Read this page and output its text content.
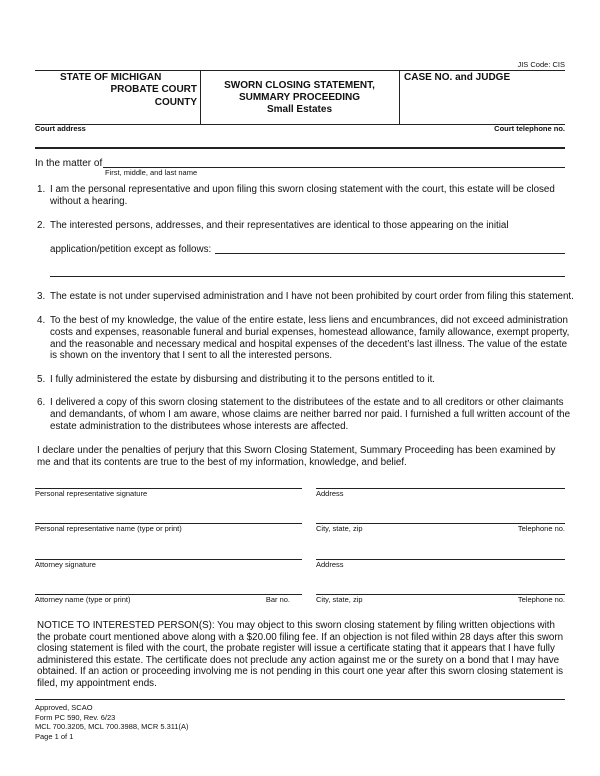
JIS Code: CIS
STATE OF MICHIGAN
PROBATE COURT
COUNTY
SWORN CLOSING STATEMENT,
SUMMARY PROCEEDING
Small Estates
CASE NO. and JUDGE
Court address	Court telephone no.
In the matter of
First, middle, and last name
1. I am the personal representative and upon filing this sworn closing statement with the court, this estate will be closed
without a hearing.
2. The interested persons, addresses, and their representatives are identical to those appearing on the initial
application/petition except as follows:
3. The estate is not under supervised administration and I have not been prohibited by court order from filing this statement.
4. To the best of my knowledge, the value of the entire estate, less liens and encumbrances, did not exceed administration
costs and expenses, reasonable funeral and burial expenses, homestead allowance, family allowance, exempt property,
and the reasonable and necessary medical and hospital expenses of the decedent’s last illness. The value of the estate
is shown on the inventory that I sent to all the interested persons.
5. I fully administered the estate by disbursing and distributing it to the persons entitled to it.
6. I delivered a copy of this sworn closing statement to the distributees of the estate and to all creditors or other claimants
and demandants, of whom I am aware, whose claims are neither barred nor paid. I furnished a full written account of the
estate administration to the distributees whose interests are affected.
I declare under the penalties of perjury that this Sworn Closing Statement, Summary Proceeding has been examined by
me and that its contents are true to the best of my information, knowledge, and belief.
Personal representative signature	Address
Personal representative name (type or print)	City, state, zip	Telephone no.
Attorney signature	Address
Attorney name (type or print)	Bar no.	City, state, zip	Telephone no.
NOTICE TO INTERESTED PERSON(S): You may object to this sworn closing statement by filing written objections with
the probate court mentioned above along with a $20.00 filing fee. If an objection is not filed within 28 days after this sworn
closing statement is filed with the court, the probate register will issue a certificate stating that it appears that I have fully
administered this estate. The certificate does not preclude any action against me or the surety on a bond that I may have
obtained. If an action or proceeding involving me is not pending in this court one year after this sworn closing statement is
filed, my appointment ends.
Approved, SCAO
Form PC 590, Rev. 6/23
MCL 700.3205, MCL 700.3988, MCR 5.311(A)
Page 1 of 1
